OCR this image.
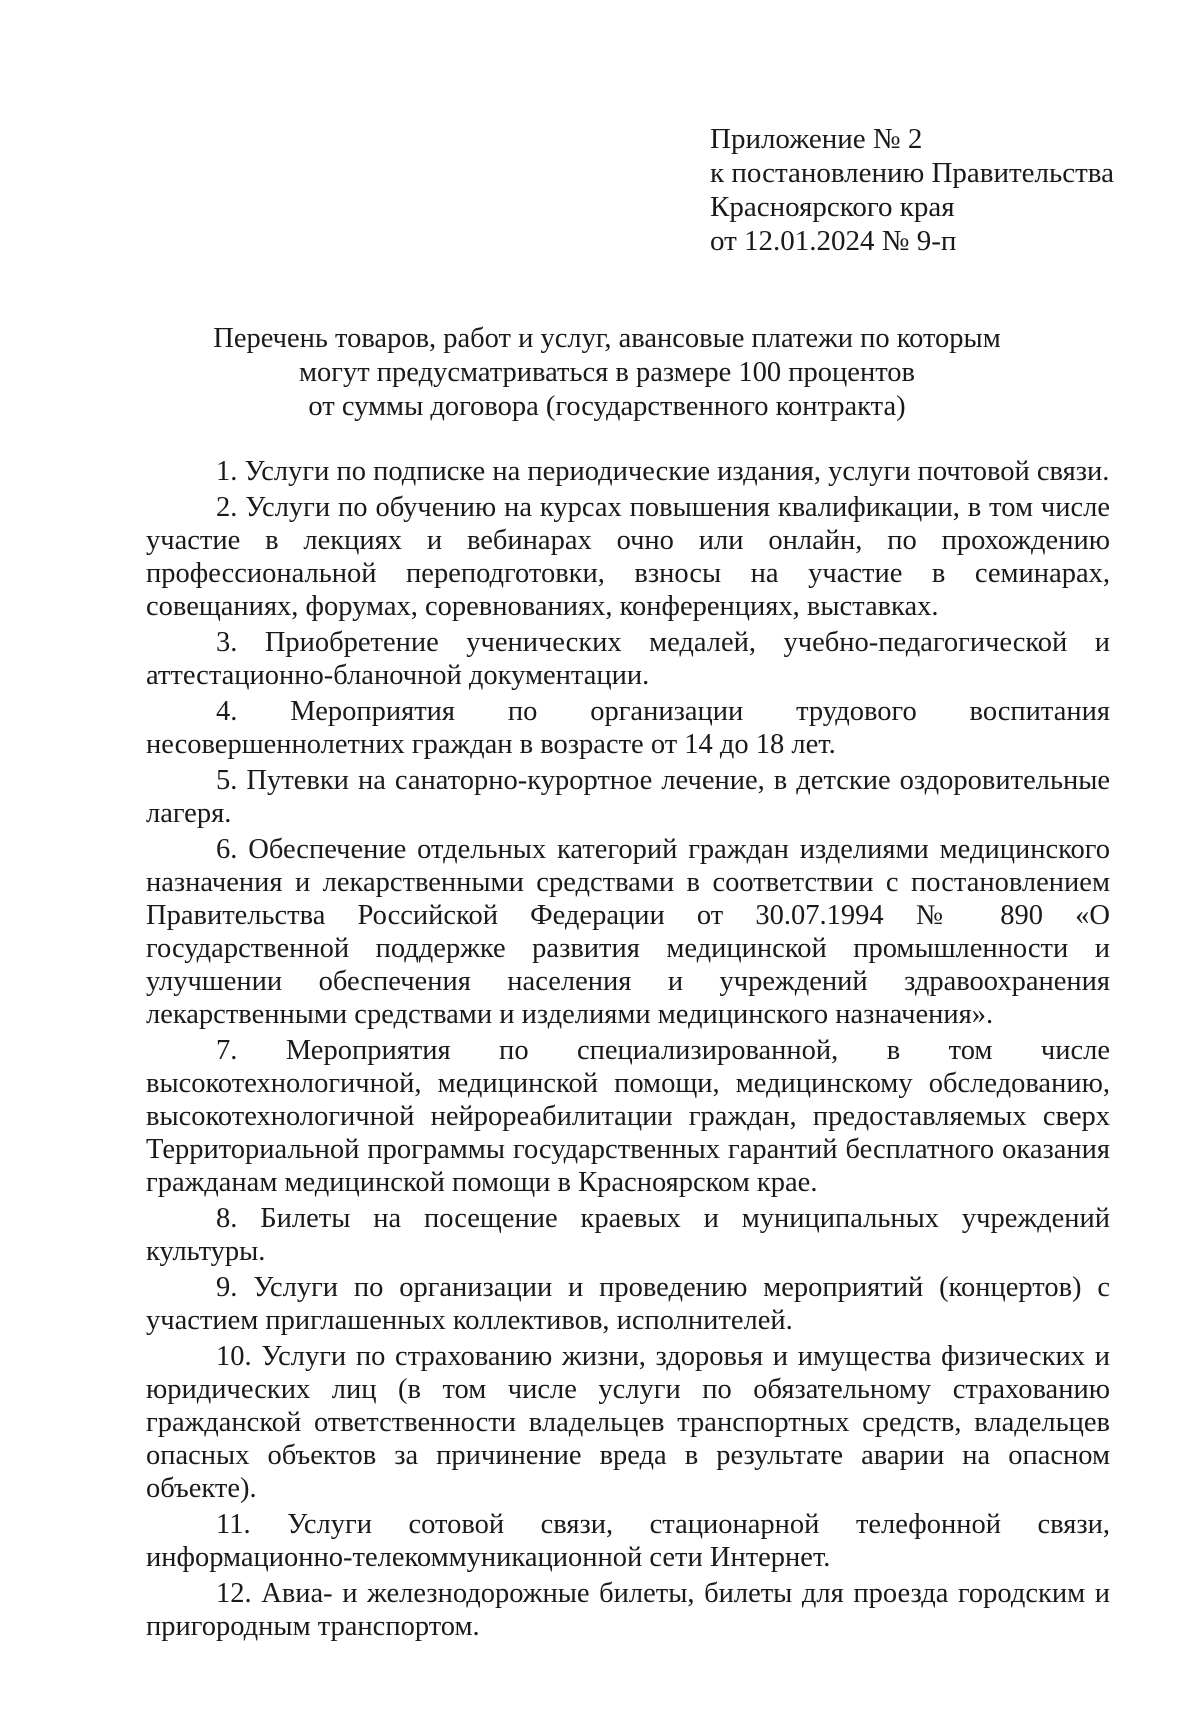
Приложение № 2
к постановлению Правительства
Красноярского края
от 12.01.2024 № 9-п
Перечень товаров, работ и услуг, авансовые платежи по которым
могут предусматриваться в размере 100 процентов
от суммы договора (государственного контракта)

1. Услуги по подписке на периодические издания, услуги почтовой связи.

2. Услуги по обучению на курсах повышения квалификации, в том числе участие в лекциях и вебинарах очно или онлайн, по прохождению профессиональной переподготовки, взносы на участие в семинарах, совещаниях, форумах, соревнованиях, конференциях, выставках.

3. Приобретение ученических медалей, учебно-педагогической и аттестационно-бланочной документации.

4. Мероприятия по организации трудового воспитания несовершеннолетних граждан в возрасте от 14 до 18 лет.

5. Путевки на санаторно-курортное лечение, в детские оздоровительные лагеря.

6. Обеспечение отдельных категорий граждан изделиями медицинского назначения и лекарственными средствами в соответствии с постановлением Правительства Российской Федерации от 30.07.1994 № 890 «О государственной поддержке развития медицинской промышленности и улучшении обеспечения населения и учреждений здравоохранения лекарственными средствами и изделиями медицинского назначения».

7. Мероприятия по специализированной, в том числе высокотехнологичной, медицинской помощи, медицинскому обследованию, высокотехнологичной нейрореабилитации граждан, предоставляемых сверх Территориальной программы государственных гарантий бесплатного оказания гражданам медицинской помощи в Красноярском крае.

8. Билеты на посещение краевых и муниципальных учреждений культуры.

9. Услуги по организации и проведению мероприятий (концертов) с участием приглашенных коллективов, исполнителей.

10. Услуги по страхованию жизни, здоровья и имущества физических и юридических лиц (в том числе услуги по обязательному страхованию гражданской ответственности владельцев транспортных средств, владельцев опасных объектов за причинение вреда в результате аварии на опасном объекте).

11. Услуги сотовой связи, стационарной телефонной связи, информационно-телекоммуникационной сети Интернет.

12. Авиа- и железнодорожные билеты, билеты для проезда городским и пригородным транспортом.
